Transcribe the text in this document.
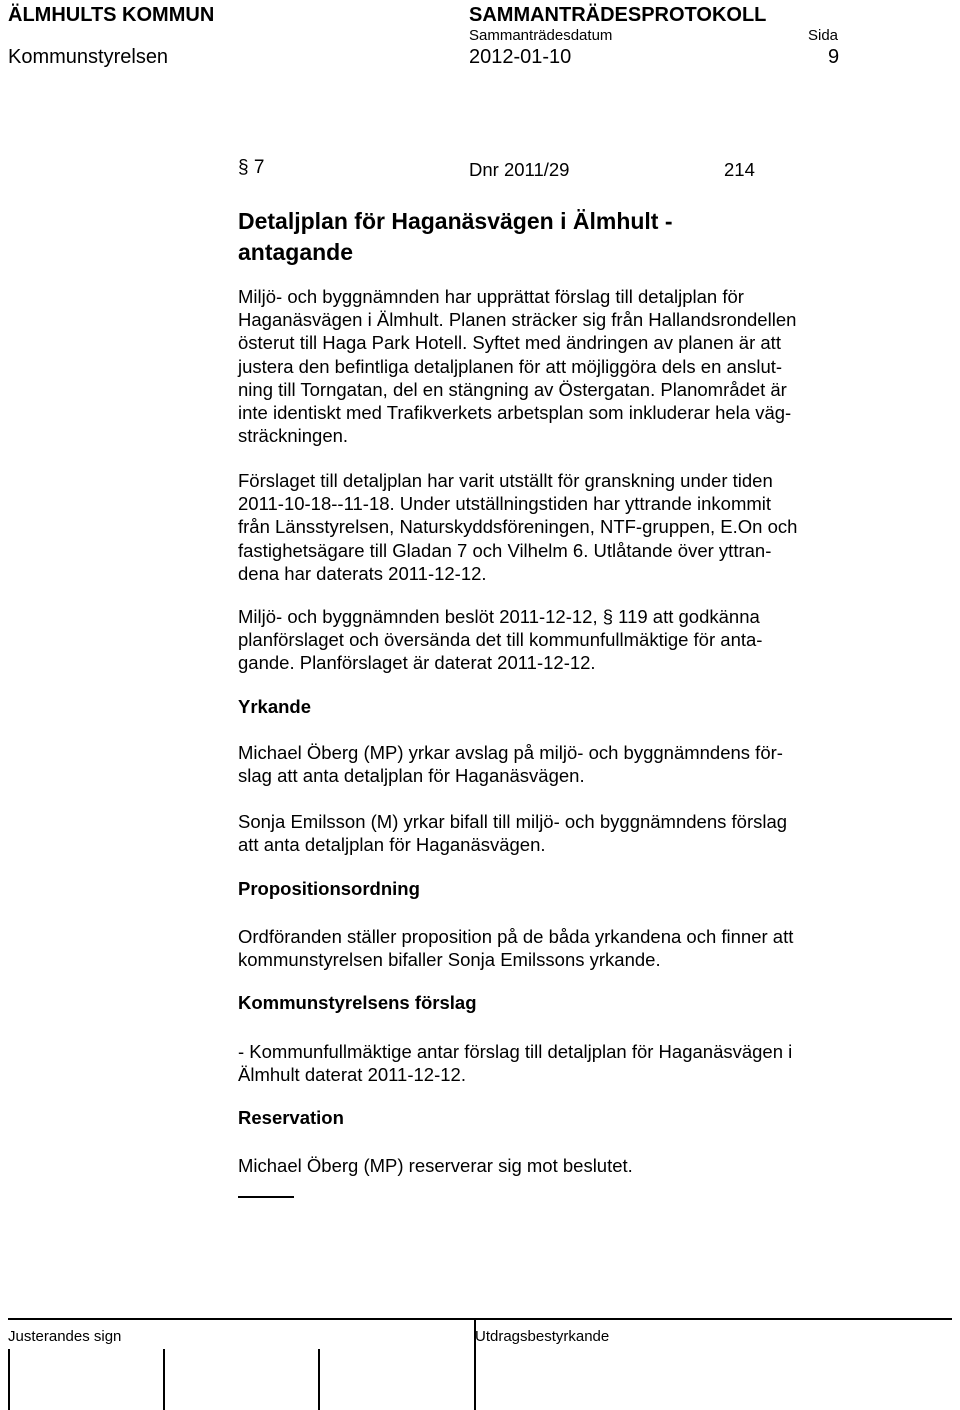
ÄLMHULTS KOMMUN	SAMMANTRÄDESPROTOKOLL
Sammanträdesdatum	Sida
Kommunstyrelsen	2012-01-10	9
§ 7	Dnr 2011/29	214
Detaljplan för Haganäsvägen i Älmhult -
antagande
Miljö- och byggnämnden har upprättat förslag till detaljplan för
Haganäsvägen i Älmhult. Planen sträcker sig från Hallandsrondellen
österut till Haga Park Hotell. Syftet med ändringen av planen är att
justera den befintliga detaljplanen för att möjliggöra dels en anslut-
ning till Torngatan, del en stängning av Östergatan. Planområdet är
inte identiskt med Trafikverkets arbetsplan som inkluderar hela väg-
sträckningen.
Förslaget till detaljplan har varit utställt för granskning under tiden
2011-10-18--11-18. Under utställningstiden har yttrande inkommit
från Länsstyrelsen, Naturskyddsföreningen, NTF-gruppen, E.On och
fastighetsägare till Gladan 7 och Vilhelm 6. Utlåtande över yttran-
dena har daterats 2011-12-12.
Miljö- och byggnämnden beslöt 2011-12-12, § 119 att godkänna
planförslaget och översända det till kommunfullmäktige för anta-
gande. Planförslaget är daterat 2011-12-12.
Yrkande
Michael Öberg (MP) yrkar avslag på miljö- och byggnämndens för-
slag att anta detaljplan för Haganäsvägen.
Sonja Emilsson (M) yrkar bifall till miljö- och byggnämndens förslag
att anta detaljplan för Haganäsvägen.
Propositionsordning
Ordföranden ställer proposition på de båda yrkandena och finner att
kommunstyrelsen bifaller Sonja Emilssons yrkande.
Kommunstyrelsens förslag
- Kommunfullmäktige antar förslag till detaljplan för Haganäsvägen i
Älmhult daterat 2011-12-12.
Reservation
Michael Öberg (MP) reserverar sig mot beslutet.
Justerandes sign	Utdragsbestyrkande
